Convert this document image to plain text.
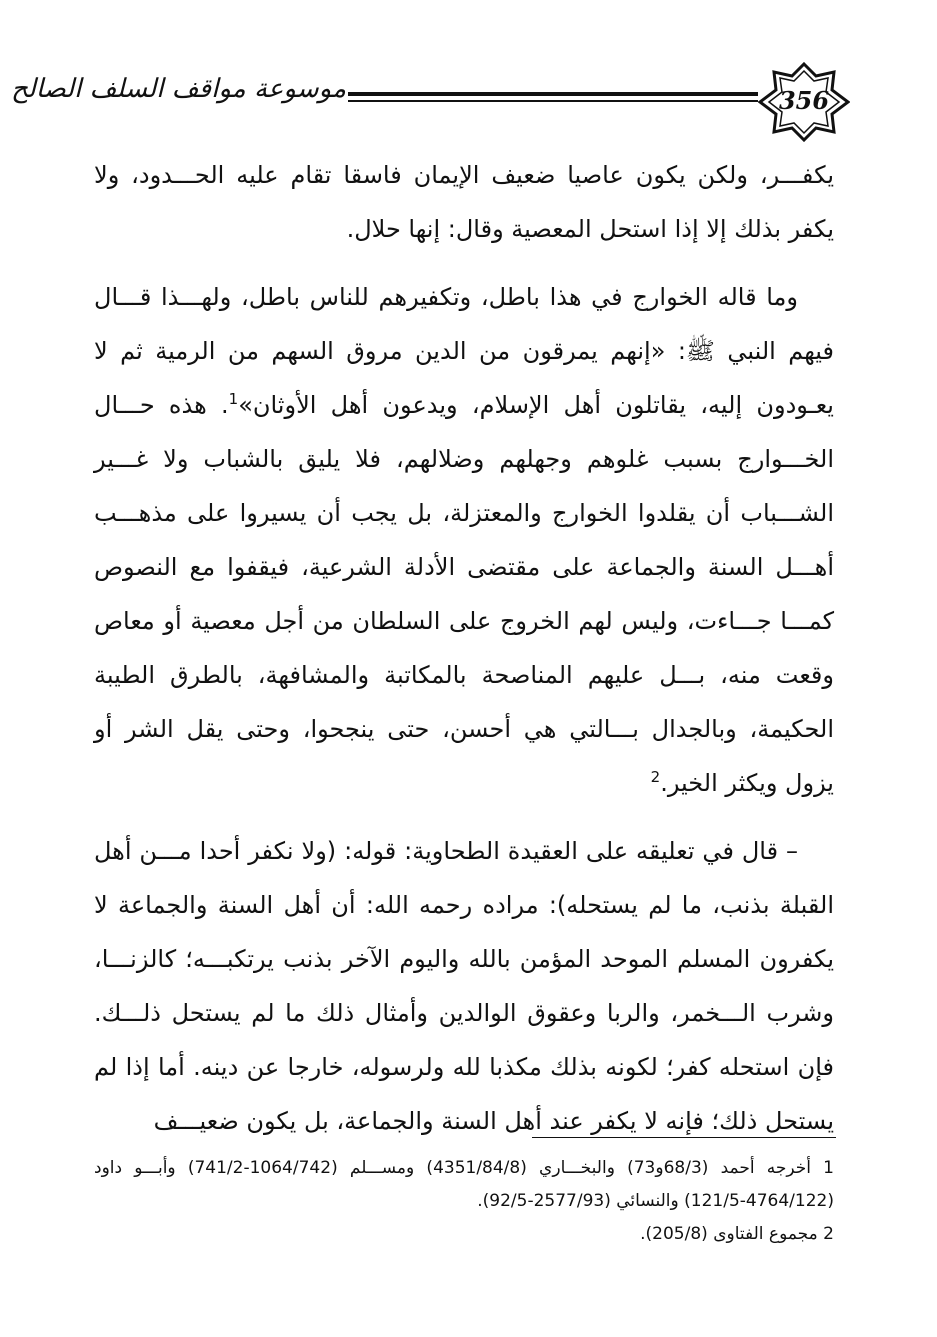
موسوعة مواقف السلف الصالح	356

يكفـــر، ولكن يكون عاصيا ضعيف الإيمان فاسقا تقام عليه الحـــدود، ولا يكفر بذلك إلا إذا استحل المعصية وقال: إنها حلال.

وما قاله الخوارج في هذا باطل، وتكفيرهم للناس باطل، ولهـــذا قـــال فيهم النبي ﷺ: «إنهم يمرقون من الدين مروق السهم من الرمية ثم لا يعـودون إليه، يقاتلون أهل الإسلام، ويدعون أهل الأوثان»$^1$. هذه حـــال الخـــوارج بسبب غلوهم وجهلهم وضلالهم، فلا يليق بالشباب ولا غـــير الشـــباب أن يقلدوا الخوارج والمعتزلة، بل يجب أن يسيروا على مذهـــب أهـــل السنة والجماعة على مقتضى الأدلة الشرعية، فيقفوا مع النصوص كمـــا جـــاءت، وليس لهم الخروج على السلطان من أجل معصية أو معاص وقعت منه، بـــل عليهم المناصحة بالمكاتبة والمشافهة، بالطرق الطيبة الحكيمة، وبالجدال بـــالتي هي أحسن، حتى ينجحوا، وحتى يقل الشر أو يزول ويكثر الخير.$^2$

– قال في تعليقه على العقيدة الطحاوية: قوله: (ولا نكفر أحدا مـــن أهل القبلة بذنب، ما لم يستحله): مراده رحمه الله: أن أهل السنة والجماعة لا يكفرون المسلم الموحد المؤمن بالله واليوم الآخر بذنب يرتكبـــه؛ كالزنـــا، وشرب الـــخمر، والربا وعقوق الوالدين وأمثال ذلك ما لم يستحل ذلـــك. فإن استحله كفر؛ لكونه بذلك مكذبا لله ولرسوله، خارجا عن دينه. أما إذا لم يستحل ذلك؛ فإنه لا يكفر عند أهل السنة والجماعة، بل يكون ضعيـــف

1 أخرجه أحمد (68/3و73) والبخـــاري (4351/84/8) ومســـلم (1064/742-741/2) وأبـــو داود (4764/122-121/5) والنسائي (2577/93-92/5).

2 مجموع الفتاوى (205/8).
